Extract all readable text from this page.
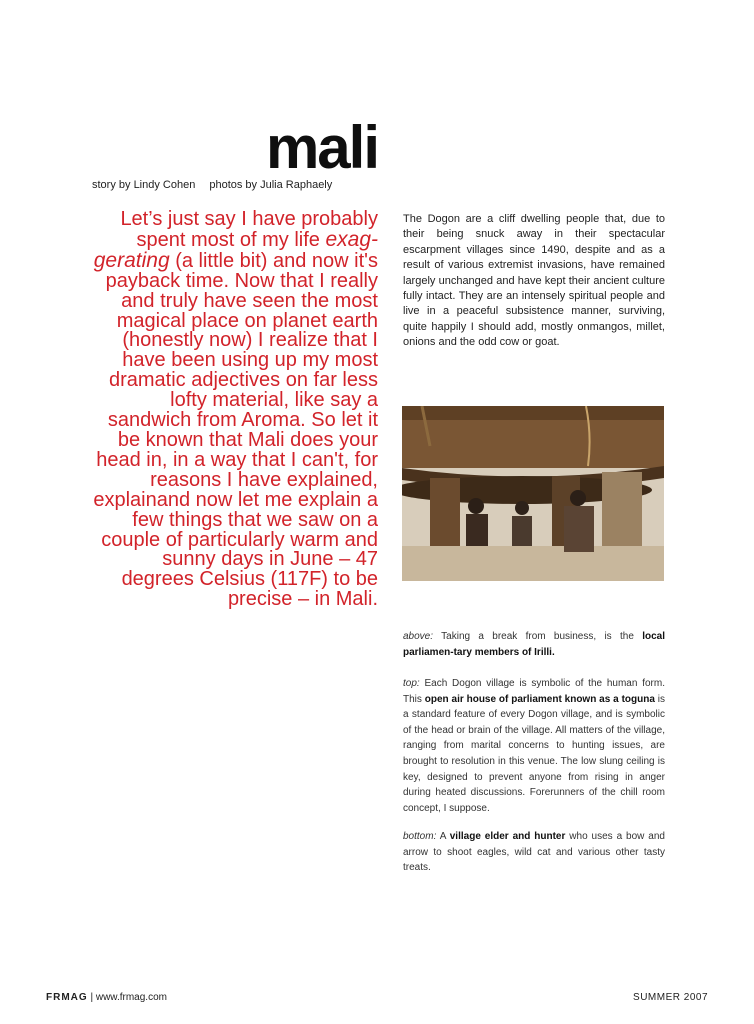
mali
story by Lindy Cohen photos by Julia Raphaely

Let’s just say I have probably spent most of my life exag-gerating (a little bit) and now it's payback time. Now that I really and truly have seen the most magical place on planet earth (honestly now) I realize that I have been using up my most dramatic adjectives on far less lofty material, like say a sandwich from Aroma. So let it be known that Mali does your head in, in a way that I can't, for reasons I have explained, explainand now let me explain a few things that we saw on a couple of particularly warm and sunny days in June – 47 degrees Celsius (117F) to be precise – in Mali.

The Dogon are a cliff dwelling people that, due to their being snuck away in their spectacular escarpment villages since 1490, despite and as a result of various extremist invasions, have remained largely unchanged and have kept their ancient culture fully intact. They are an intensely spiritual people and live in a peaceful subsistence manner, surviving, quite happily I should add, mostly onmangos, millet, onions and the odd cow or goat.

above: Taking a break from business, is the local parliamen-tary members of Irilli.

top: Each Dogon village is symbolic of the human form. This open air house of parliament known as a toguna is a standard feature of every Dogon village, and is symbolic of the head or brain of the village. All matters of the village, ranging from marital concerns to hunting issues, are brought to resolution in this venue. The low slung ceiling is key, designed to prevent anyone from rising in anger during heated discussions. Forerunners of the chill room concept, I suppose.

bottom: A village elder and hunter who uses a bow and arrow to shoot eagles, wild cat and various other tasty treats.

FRMAG | www.frmag.com	SUMMER 2007
